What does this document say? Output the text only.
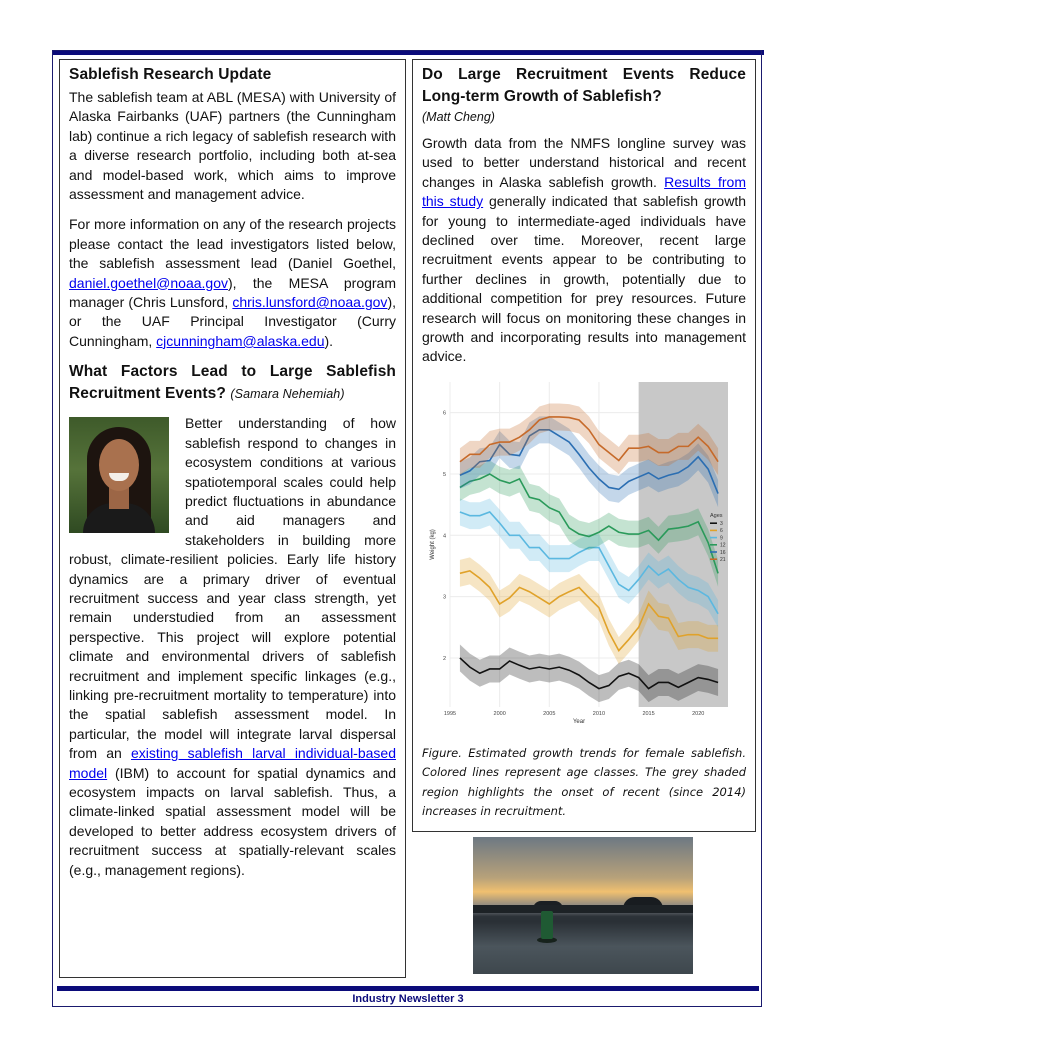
Sablefish Research Update

The sablefish team at ABL (MESA) with University of Alaska Fairbanks (UAF) partners (the Cunningham lab) continue a rich legacy of sablefish research with a diverse research portfolio, including both at-sea and model-based work, which aims to improve assessment and management advice.

For more information on any of the research projects please contact the lead investigators listed below, the sablefish assessment lead (Daniel Goethel, daniel.goethel@noaa.gov), the MESA program manager (Chris Lunsford, chris.lunsford@noaa.gov), or the UAF Principal Investigator (Curry Cunningham, cjcunningham@alaska.edu).

What Factors Lead to Large Sablefish Recruitment Events? (Samara Nehemiah)

Better understanding of how sablefish respond to changes in ecosystem conditions at various spatiotemporal scales could help predict fluctuations in abundance and aid managers and stakeholders in building more robust, climate-resilient policies. Early life history dynamics are a primary driver of eventual recruitment success and year class strength, yet remain understudied from an assessment perspective. This project will explore potential climate and environmental drivers of sablefish recruitment and implement specific linkages (e.g., linking pre-recruitment mortality to temperature) into the spatial sablefish assessment model. In particular, the model will integrate larval dispersal from an existing sablefish larval individual-based model (IBM) to account for spatial dynamics and ecosystem impacts on larval sablefish. Thus, a climate-linked spatial assessment model will be developed to better address ecosystem drivers of recruitment success at spatially-relevant scales (e.g., management regions).

Do Large Recruitment Events Reduce Long-term Growth of Sablefish?

(Matt Cheng)

Growth data from the NMFS longline survey was used to better understand historical and recent changes in Alaska sablefish growth. Results from this study generally indicated that sablefish growth for young to intermediate-aged individuals have declined over time. Moreover, recent large recruitment events appear to be contributing to further declines in growth, potentially due to additional competition for prey resources. Future research will focus on monitoring these changes in growth and incorporating results into management advice.

2
3
4
5
6
1995	2000	2005	2010	2015	2020
Year
Weight (kg)
Ages
3
6
9
12
16
21

Figure. Estimated growth trends for female sablefish. Colored lines represent age classes. The grey shaded region highlights the onset of recent (since 2014) increases in recruitment.

Industry Newsletter 3
